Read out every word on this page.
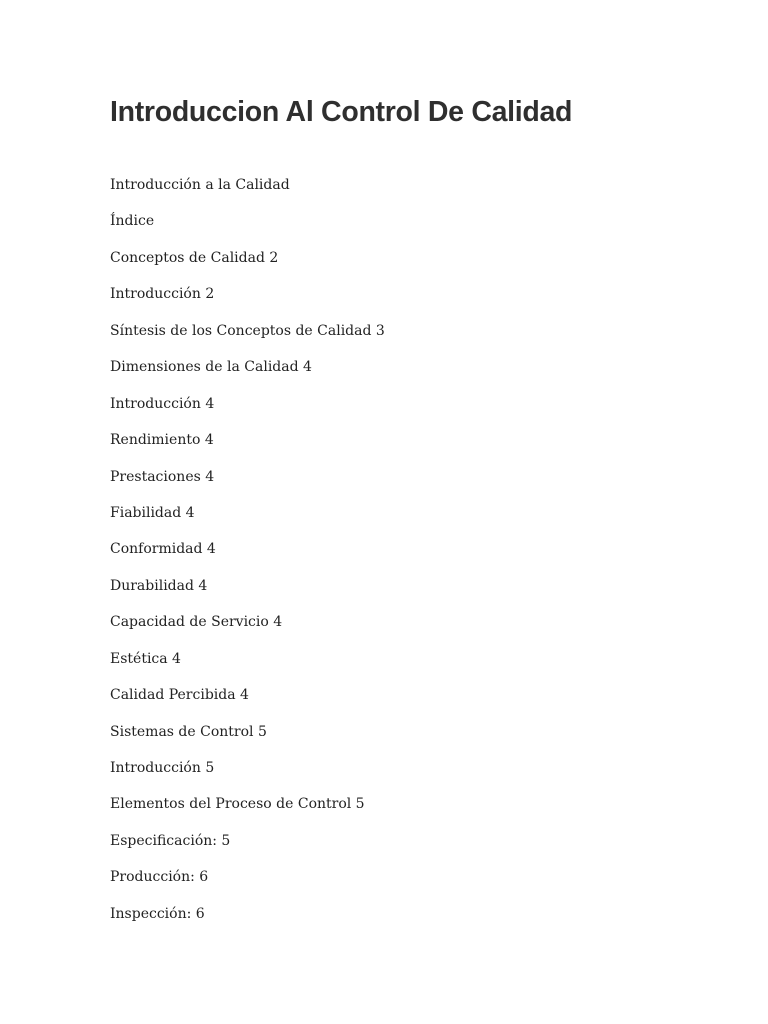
Introduccion Al Control De Calidad
Introducción a la Calidad
Índice
Conceptos de Calidad 2
Introducción 2
Síntesis de los Conceptos de Calidad 3
Dimensiones de la Calidad 4
Introducción 4
Rendimiento 4
Prestaciones 4
Fiabilidad 4
Conformidad 4
Durabilidad 4
Capacidad de Servicio 4
Estética 4
Calidad Percibida 4
Sistemas de Control 5
Introducción 5
Elementos del Proceso de Control 5
Especificación: 5
Producción: 6
Inspección: 6
